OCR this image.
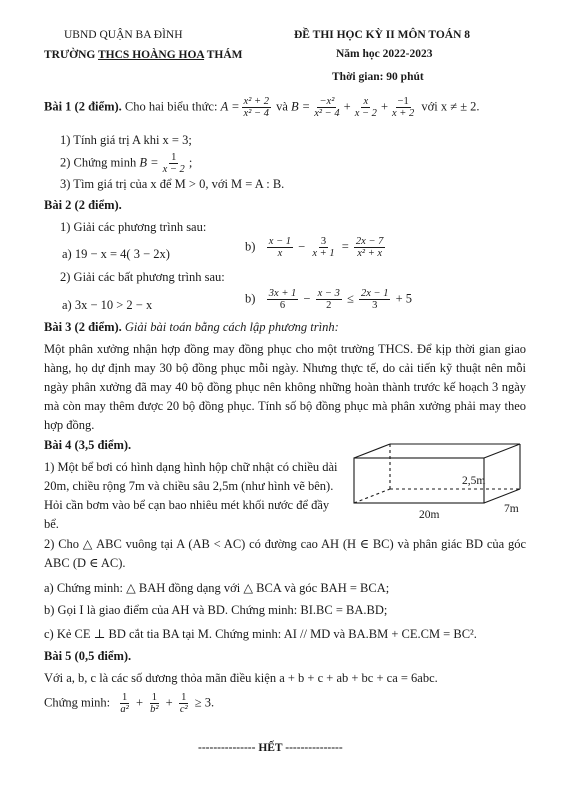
UBND QUẬN BA ĐÌNH
TRƯỜNG THCS HOÀNG HOA THÁM
ĐỀ THI HỌC KỲ II MÔN TOÁN 8
Năm học 2022-2023
Thời gian: 90 phút
Bài 1 (2 điểm). Cho hai biểu thức: $A = \frac{\text{x² + 2}}{\text{x² − 4}}$ và $B = \frac{\text{−x²}}{\text{x² − 4}} + \frac{x}{x - 2} + \frac{-1}{x + 2}$ với x ≠ ± 2.
1) Tính giá trị A khi x = 3;
2) Chứng minh $B = \frac{1}{x - 2}$ ;
3) Tìm giá trị của x để M > 0, với M = A : B.
Bài 2 (2 điểm).
1) Giải các phương trình sau:
a) 19 − x = 4( 3 − 2x)
$b) \frac{x - 1}{x} - \frac{3}{x + 1} = \frac{2x - 7}{\text{x² + x}}$
2) Giải các bất phương trình sau:
a) 3x − 10 > 2 − x	$b) \frac{3x + 1}{6} - \frac{x - 3}{2} \le \frac{2x - 1}{3} + 5$
Bài 3 (2 điểm). Giải bài toán bằng cách lập phương trình:
Một phân xưởng nhận hợp đồng may đồng phục cho một trường THCS. Để kịp thời gian giao hàng, họ dự định may 30 bộ đồng phục mỗi ngày. Nhưng thực tế, do cải tiến kỹ thuật nên mỗi ngày phân xưởng đã may 40 bộ đồng phục nên không những hoàn thành trước kế hoạch 3 ngày mà còn may thêm được 20 bộ đồng phục. Tính số bộ đồng phục mà phân xưởng phải may theo hợp đồng.
Bài 4 (3,5 điểm).
1) Một bể bơi có hình dạng hình hộp chữ nhật có chiều dài 20m, chiều rộng 7m và chiều sâu 2,5m (như hình vẽ bên). Hỏi cần bơm vào bể cạn bao nhiêu mét khối nước để đầy bể.
2,5m
20m	7m
2) Cho △ ABC vuông tại A (AB < AC) có đường cao AH (H ∈ BC) và phân giác BD của góc ABC (D ∈ AC).
a) Chứng minh: △ BAH đồng dạng với △ BCA và góc BAH = BCA;
b) Gọi I là giao điểm của AH và BD. Chứng minh: BI.BC = BA.BD;
c) Kẻ CE ⊥ BD cắt tia BA tại M. Chứng minh: AI // MD và BA.BM + CE.CM = BC².
Bài 5 (0,5 điểm).
Với a, b, c là các số dương thỏa mãn điều kiện a + b + c + ab + bc + ca = 6abc.
Chứng minh: $\frac{1}{\text{a²}} + \frac{1}{\text{b²}} + \frac{1}{\text{c²}} \ge 3$.
--------------- HẾT ---------------
